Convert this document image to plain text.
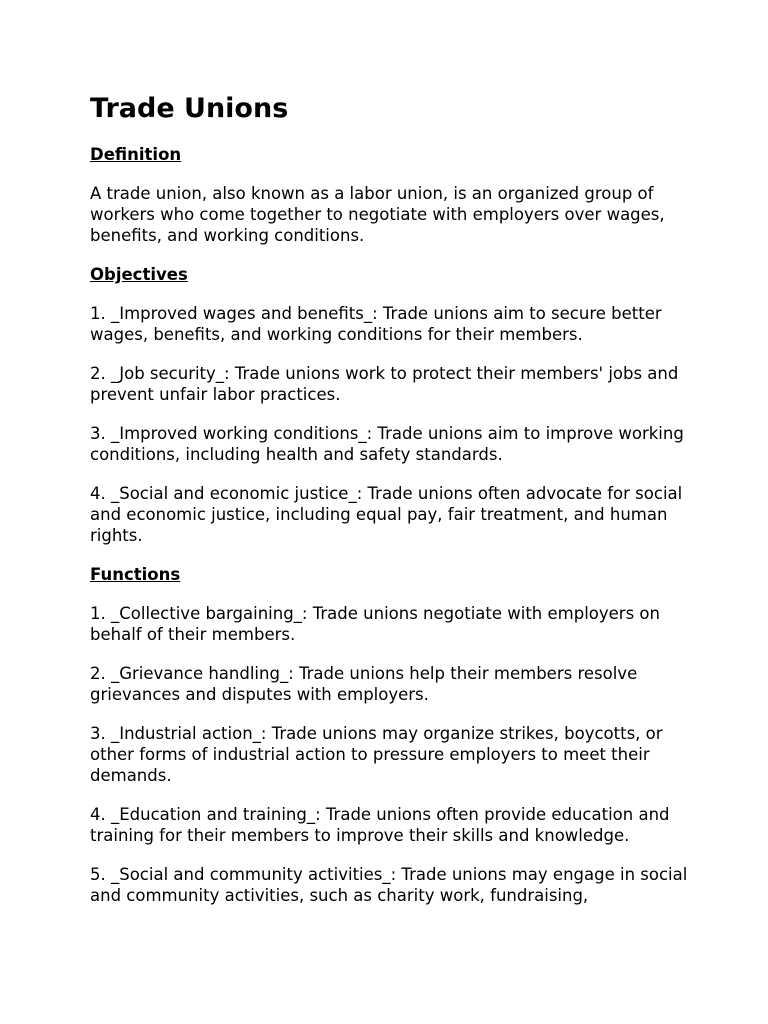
Trade Unions
Definition

A trade union, also known as a labor union, is an organized group of workers who come together to negotiate with employers over wages, benefits, and working conditions.

Objectives

1. _Improved wages and benefits_: Trade unions aim to secure better wages, benefits, and working conditions for their members.

2. _Job security_: Trade unions work to protect their members' jobs and prevent unfair labor practices.

3. _Improved working conditions_: Trade unions aim to improve working conditions, including health and safety standards.

4. _Social and economic justice_: Trade unions often advocate for social and economic justice, including equal pay, fair treatment, and human rights.

Functions

1. _Collective bargaining_: Trade unions negotiate with employers on behalf of their members.

2. _Grievance handling_: Trade unions help their members resolve grievances and disputes with employers.

3. _Industrial action_: Trade unions may organize strikes, boycotts, or other forms of industrial action to pressure employers to meet their demands.

4. _Education and training_: Trade unions often provide education and training for their members to improve their skills and knowledge.

5. _Social and community activities_: Trade unions may engage in social and community activities, such as charity work, fundraising,
